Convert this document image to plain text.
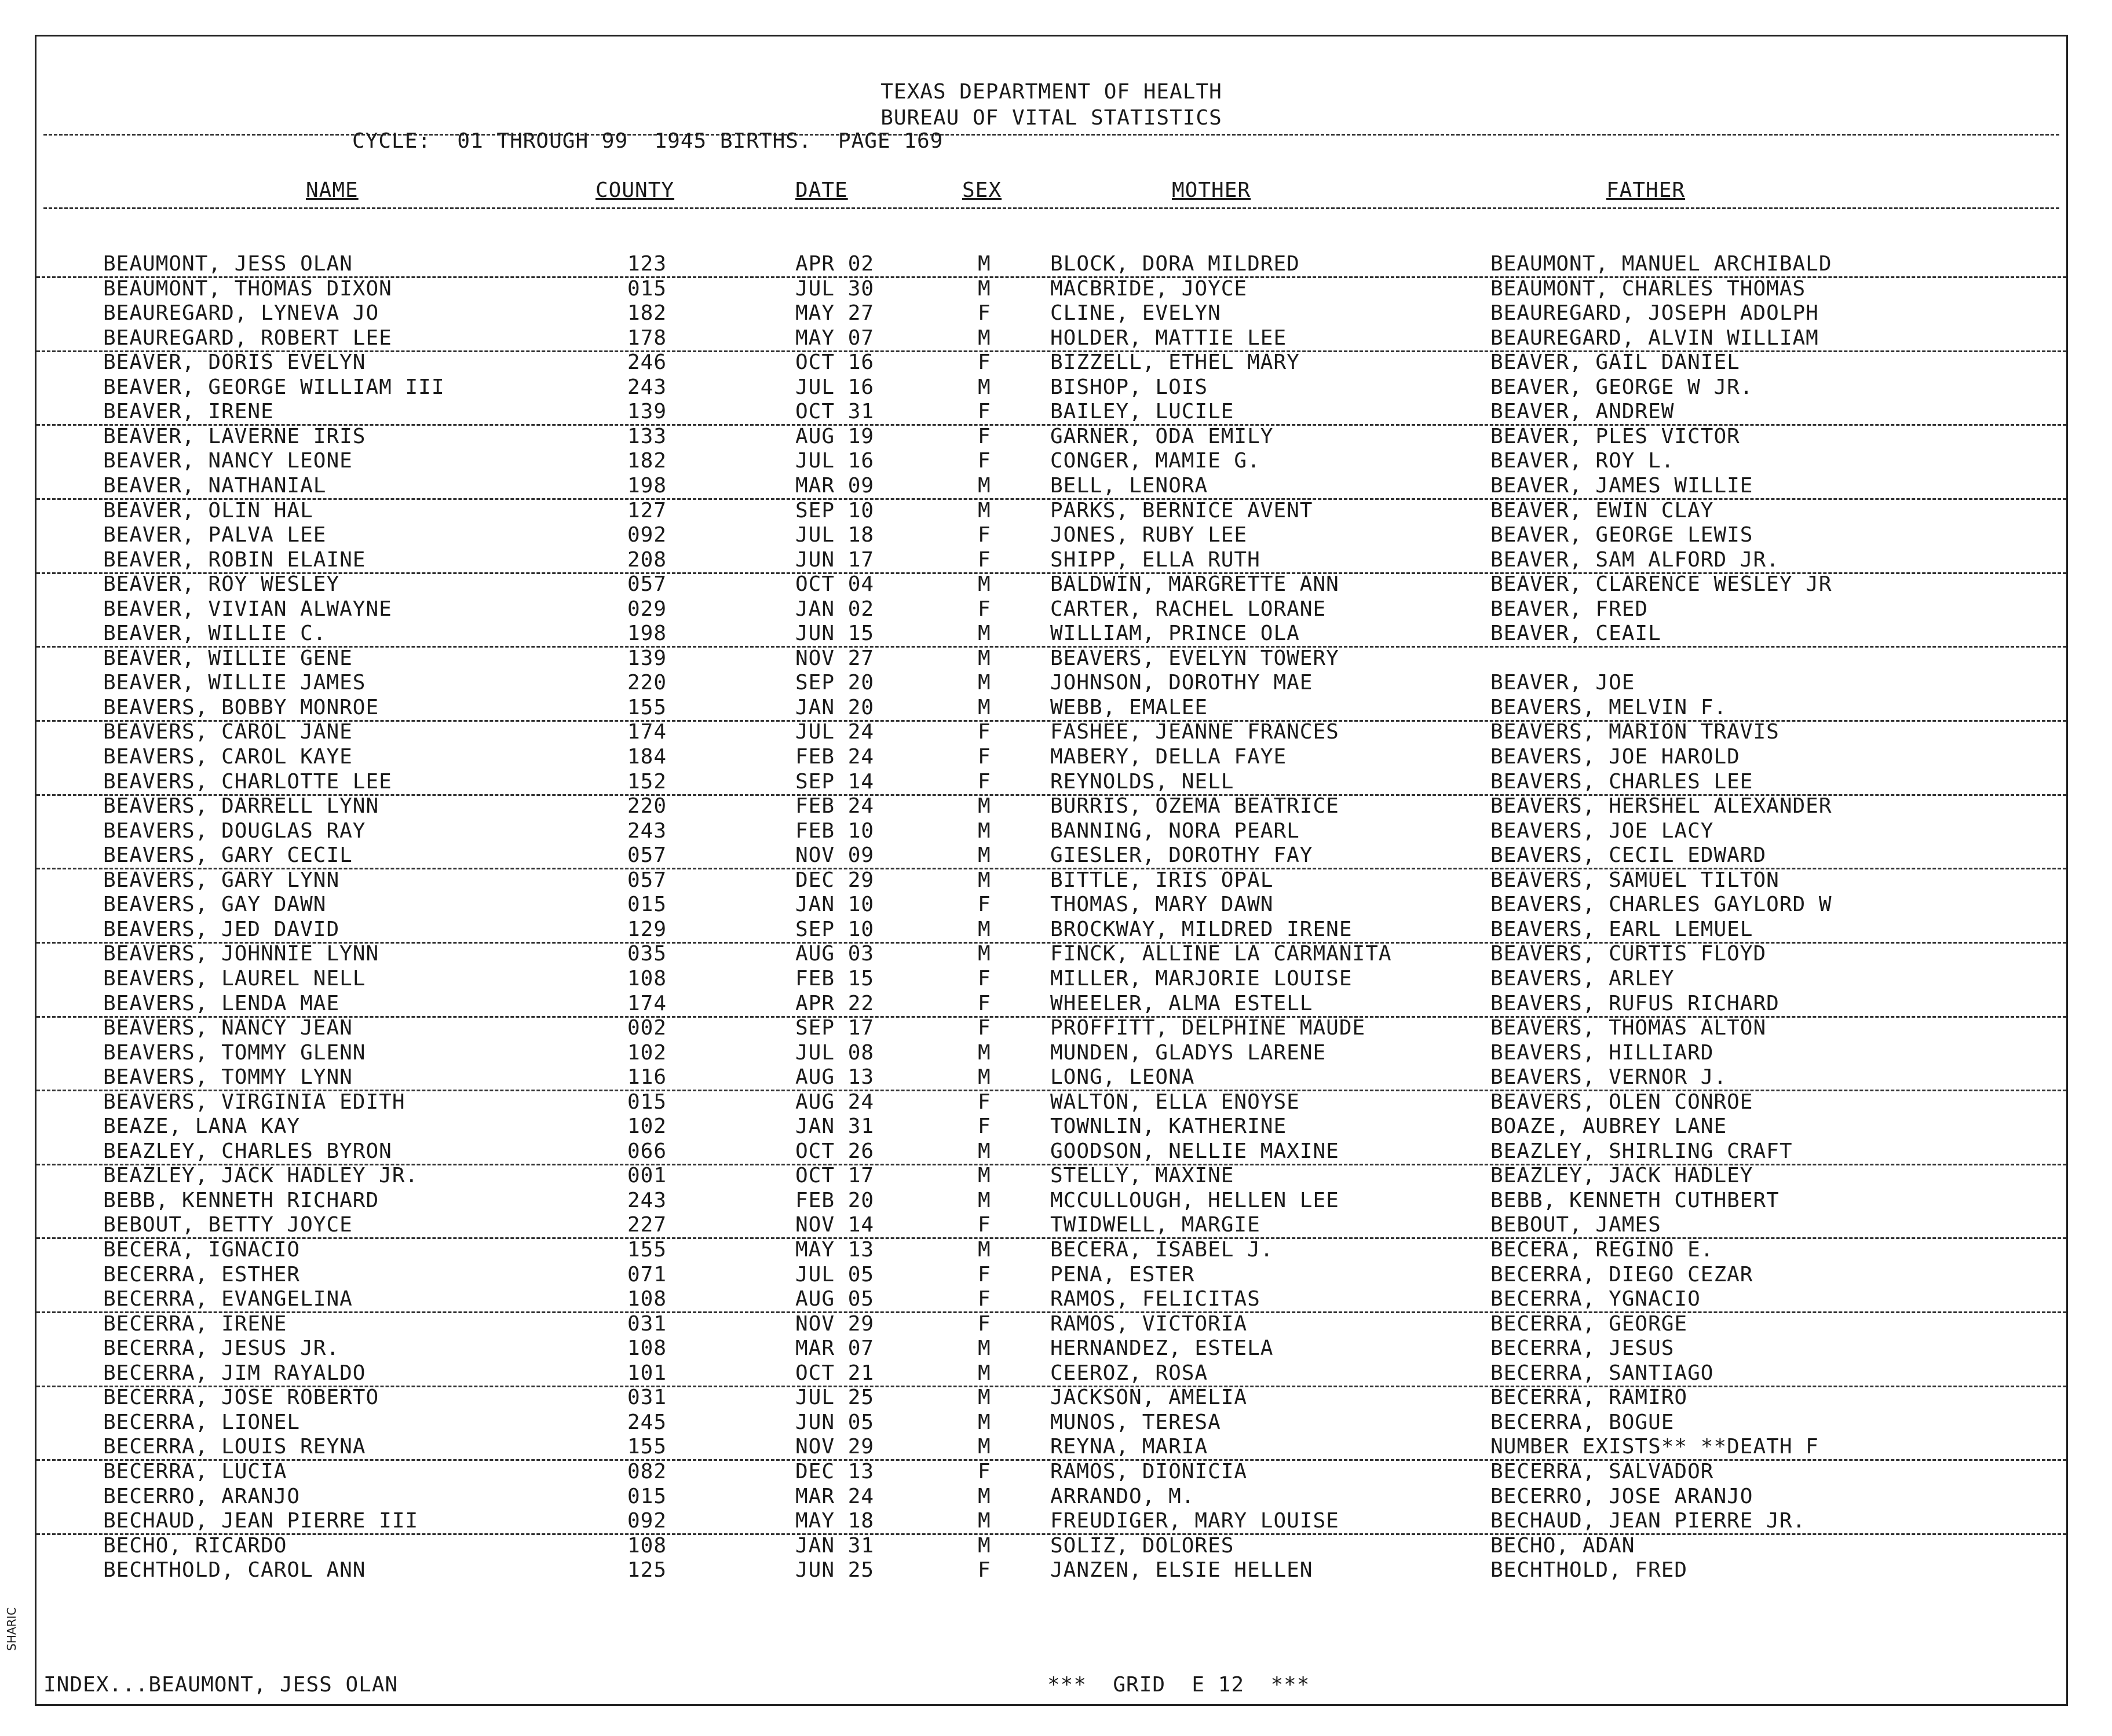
TEXAS DEPARTMENT OF HEALTH
BUREAU OF VITAL STATISTICS
CYCLE:  01 THROUGH 99  1945 BIRTHS.  PAGE 169
NAME	COUNTY	DATE	SEX	MOTHER	FATHER
BEAUMONT, JESS OLAN	123	APR 02	M	BLOCK, DORA MILDRED	BEAUMONT, MANUEL ARCHIBALD
BEAUMONT, THOMAS DIXON	015	JUL 30	M	MACBRIDE, JOYCE	BEAUMONT, CHARLES THOMAS
BEAUREGARD, LYNEVA JO	182	MAY 27	F	CLINE, EVELYN	BEAUREGARD, JOSEPH ADOLPH
BEAUREGARD, ROBERT LEE	178	MAY 07	M	HOLDER, MATTIE LEE	BEAUREGARD, ALVIN WILLIAM
BEAVER, DORIS EVELYN	246	OCT 16	F	BIZZELL, ETHEL MARY	BEAVER, GAIL DANIEL
BEAVER, GEORGE WILLIAM III	243	JUL 16	M	BISHOP, LOIS	BEAVER, GEORGE W JR.
BEAVER, IRENE	139	OCT 31	F	BAILEY, LUCILE	BEAVER, ANDREW
BEAVER, LAVERNE IRIS	133	AUG 19	F	GARNER, ODA EMILY	BEAVER, PLES VICTOR
BEAVER, NANCY LEONE	182	JUL 16	F	CONGER, MAMIE G.	BEAVER, ROY L.
BEAVER, NATHANIAL	198	MAR 09	M	BELL, LENORA	BEAVER, JAMES WILLIE
BEAVER, OLIN HAL	127	SEP 10	M	PARKS, BERNICE AVENT	BEAVER, EWIN CLAY
BEAVER, PALVA LEE	092	JUL 18	F	JONES, RUBY LEE	BEAVER, GEORGE LEWIS
BEAVER, ROBIN ELAINE	208	JUN 17	F	SHIPP, ELLA RUTH	BEAVER, SAM ALFORD JR.
BEAVER, ROY WESLEY	057	OCT 04	M	BALDWIN, MARGRETTE ANN	BEAVER, CLARENCE WESLEY JR
BEAVER, VIVIAN ALWAYNE	029	JAN 02	F	CARTER, RACHEL LORANE	BEAVER, FRED
BEAVER, WILLIE C.	198	JUN 15	M	WILLIAM, PRINCE OLA	BEAVER, CEAIL
BEAVER, WILLIE GENE	139	NOV 27	M	BEAVERS, EVELYN TOWERY
BEAVER, WILLIE JAMES	220	SEP 20	M	JOHNSON, DOROTHY MAE	BEAVER, JOE
BEAVERS, BOBBY MONROE	155	JAN 20	M	WEBB, EMALEE	BEAVERS, MELVIN F.
BEAVERS, CAROL JANE	174	JUL 24	F	FASHEE, JEANNE FRANCES	BEAVERS, MARION TRAVIS
BEAVERS, CAROL KAYE	184	FEB 24	F	MABERY, DELLA FAYE	BEAVERS, JOE HAROLD
BEAVERS, CHARLOTTE LEE	152	SEP 14	F	REYNOLDS, NELL	BEAVERS, CHARLES LEE
BEAVERS, DARRELL LYNN	220	FEB 24	M	BURRIS, OZEMA BEATRICE	BEAVERS, HERSHEL ALEXANDER
BEAVERS, DOUGLAS RAY	243	FEB 10	M	BANNING, NORA PEARL	BEAVERS, JOE LACY
BEAVERS, GARY CECIL	057	NOV 09	M	GIESLER, DOROTHY FAY	BEAVERS, CECIL EDWARD
BEAVERS, GARY LYNN	057	DEC 29	M	BITTLE, IRIS OPAL	BEAVERS, SAMUEL TILTON
BEAVERS, GAY DAWN	015	JAN 10	F	THOMAS, MARY DAWN	BEAVERS, CHARLES GAYLORD W
BEAVERS, JED DAVID	129	SEP 10	M	BROCKWAY, MILDRED IRENE	BEAVERS, EARL LEMUEL
BEAVERS, JOHNNIE LYNN	035	AUG 03	M	FINCK, ALLINE LA CARMANITA	BEAVERS, CURTIS FLOYD
BEAVERS, LAUREL NELL	108	FEB 15	F	MILLER, MARJORIE LOUISE	BEAVERS, ARLEY
BEAVERS, LENDA MAE	174	APR 22	F	WHEELER, ALMA ESTELL	BEAVERS, RUFUS RICHARD
BEAVERS, NANCY JEAN	002	SEP 17	F	PROFFITT, DELPHINE MAUDE	BEAVERS, THOMAS ALTON
BEAVERS, TOMMY GLENN	102	JUL 08	M	MUNDEN, GLADYS LARENE	BEAVERS, HILLIARD
BEAVERS, TOMMY LYNN	116	AUG 13	M	LONG, LEONA	BEAVERS, VERNOR J.
BEAVERS, VIRGINIA EDITH	015	AUG 24	F	WALTON, ELLA ENOYSE	BEAVERS, OLEN CONROE
BEAZE, LANA KAY	102	JAN 31	F	TOWNLIN, KATHERINE	BOAZE, AUBREY LANE
BEAZLEY, CHARLES BYRON	066	OCT 26	M	GOODSON, NELLIE MAXINE	BEAZLEY, SHIRLING CRAFT
BEAZLEY, JACK HADLEY JR.	001	OCT 17	M	STELLY, MAXINE	BEAZLEY, JACK HADLEY
BEBB, KENNETH RICHARD	243	FEB 20	M	MCCULLOUGH, HELLEN LEE	BEBB, KENNETH CUTHBERT
BEBOUT, BETTY JOYCE	227	NOV 14	F	TWIDWELL, MARGIE	BEBOUT, JAMES
BECERA, IGNACIO	155	MAY 13	M	BECERA, ISABEL J.	BECERA, REGINO E.
BECERRA, ESTHER	071	JUL 05	F	PENA, ESTER	BECERRA, DIEGO CEZAR
BECERRA, EVANGELINA	108	AUG 05	F	RAMOS, FELICITAS	BECERRA, YGNACIO
BECERRA, IRENE	031	NOV 29	F	RAMOS, VICTORIA	BECERRA, GEORGE
BECERRA, JESUS JR.	108	MAR 07	M	HERNANDEZ, ESTELA	BECERRA, JESUS
BECERRA, JIM RAYALDO	101	OCT 21	M	CEEROZ, ROSA	BECERRA, SANTIAGO
BECERRA, JOSE ROBERTO	031	JUL 25	M	JACKSON, AMELIA	BECERRA, RAMIRO
BECERRA, LIONEL	245	JUN 05	M	MUNOS, TERESA	BECERRA, BOGUE
BECERRA, LOUIS REYNA	155	NOV 29	M	REYNA, MARIA	NUMBER EXISTS** **DEATH F
BECERRA, LUCIA	082	DEC 13	F	RAMOS, DIONICIA	BECERRA, SALVADOR
BECERRO, ARANJO	015	MAR 24	M	ARRANDO, M.	BECERRO, JOSE ARANJO
BECHAUD, JEAN PIERRE III	092	MAY 18	M	FREUDIGER, MARY LOUISE	BECHAUD, JEAN PIERRE JR.
BECHO, RICARDO	108	JAN 31	M	SOLIZ, DOLORES	BECHO, ADAN
BECHTHOLD, CAROL ANN	125	JUN 25	F	JANZEN, ELSIE HELLEN	BECHTHOLD, FRED
INDEX...BEAUMONT, JESS OLAN	***  GRID  E 12  ***
SHARIC
